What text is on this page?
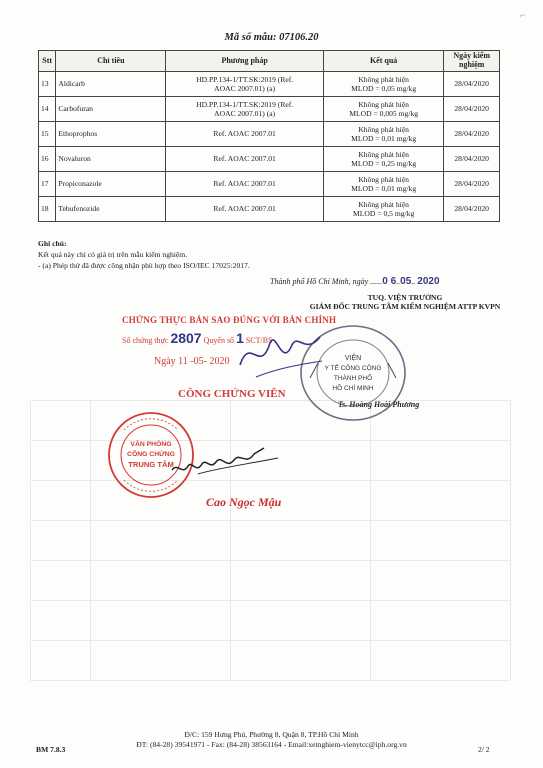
⌐
Mã số mẫu: 07106.20
Stt	Chỉ tiêu	Phương pháp	Kết quả	Ngày kiểm nghiệm
13	Aldicarb	HD.PP.134-1/TT.SK:2019 (Ref.
AOAC 2007.01) (a)	Không phát hiện
MLOD = 0,05 mg/kg	28/04/2020
14	Carbofuran	HD.PP.134-1/TT.SK:2019 (Ref.
AOAC 2007.01) (a)	Không phát hiện
MLOD = 0,005 mg/kg	28/04/2020
15	Ethoprophos	Ref. AOAC 2007.01	Không phát hiện
MLOD = 0,01 mg/kg	28/04/2020
16	Novaluron	Ref. AOAC 2007.01	Không phát hiện
MLOD = 0,25 mg/kg	28/04/2020
17	Propiconazole	Ref. AOAC 2007.01	Không phát hiện
MLOD = 0,01 mg/kg	28/04/2020
18	Tebufenozide	Ref. AOAC 2007.01	Không phát hiện
MLOD = 0,5 mg/kg	28/04/2020
Ghi chú:
Kết quả này chỉ có giá trị trên mẫu kiểm nghiệm.
- (a) Phép thử đã được công nhận phù hợp theo ISO/IEC 17025:2017.
Thành phố Hồ Chí Minh, ngày ......0 6..05.. 2020
TUQ. VIỆN TRƯỞNG
GIÁM ĐỐC TRUNG TÂM KIỂM NGHIỆM ATTP KVPN
Ts. Hoàng Hoài Phương
VIỆN
Y TẾ CÔNG CỘNG
THÀNH PHỐ
HỒ CHÍ MINH
CHỨNG THỰC BẢN SAO ĐÚNG VỚI BẢN CHÍNH
Số chứng thực 2807 Quyển số 1 SCT/BS
Ngày 11 -05- 2020
CÔNG CHỨNG VIÊN
VĂN PHÒNG
CÔNG CHỨNG
TRUNG TÂM
Cao Ngọc Mậu
Đ/C: 159 Hưng Phú, Phường 8, Quận 8, TP.Hồ Chí Minh
ĐT: (84-28) 39541971 - Fax: (84-28) 38563164 - Email:xetnghiem-vienytcc@iph.org.vn
BM 7.8.3	2/ 2
